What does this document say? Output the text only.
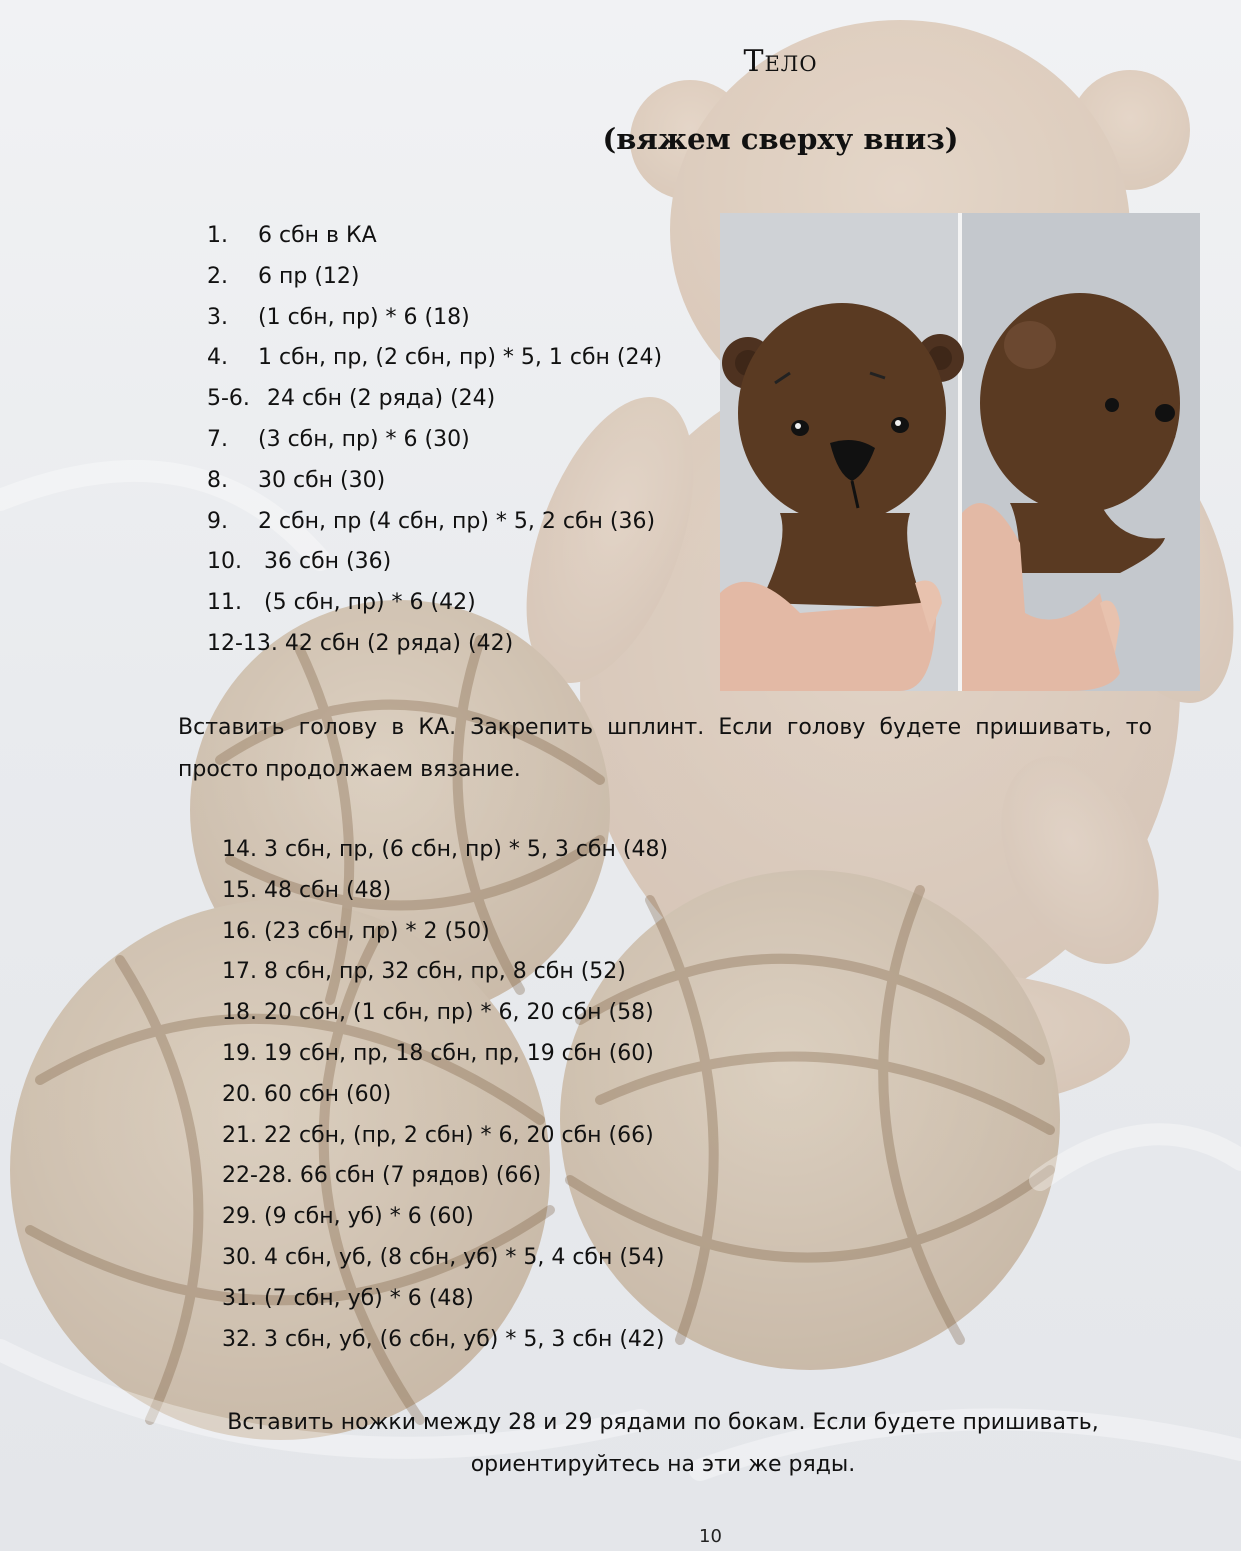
Тело
(вяжем сверху вниз)
1. 6 сбн в КА
2. 6 пр (12)
3. (1 сбн, пр) * 6 (18)
4. 1 сбн, пр, (2 сбн, пр) * 5, 1 сбн (24)
5-6. 24 сбн (2 ряда) (24)
7. (3 сбн, пр) * 6 (30)
8. 30 сбн (30)
9. 2 сбн, пр (4 сбн, пр) * 5, 2 сбн (36)
10. 36 сбн (36)
11. (5 сбн, пр) * 6 (42)
12-13. 42 сбн (2 ряда) (42)

Вставить голову в КА. Закрепить шплинт. Если голову будете пришивать, то просто продолжаем вязание.

14. 3 сбн, пр, (6 сбн, пр) * 5, 3 сбн (48)
15. 48 сбн (48)
16. (23 сбн, пр) * 2 (50)
17. 8 сбн, пр, 32 сбн, пр, 8 сбн (52)
18. 20 сбн, (1 сбн, пр) * 6, 20 сбн (58)
19. 19 сбн, пр, 18 сбн, пр, 19 сбн (60)
20. 60 сбн (60)
21. 22 сбн, (пр, 2 сбн) * 6, 20 сбн (66)
22-28. 66 сбн (7 рядов) (66)
29. (9 сбн, уб) * 6 (60)
30. 4 сбн, уб, (8 сбн, уб) * 5, 4 сбн (54)
31. (7 сбн, уб) * 6 (48)
32. 3 сбн, уб, (6 сбн, уб) * 5, 3 сбн (42)

Вставить ножки между 28 и 29 рядами по бокам. Если будете пришивать, ориентируйтесь на эти же ряды.

10
